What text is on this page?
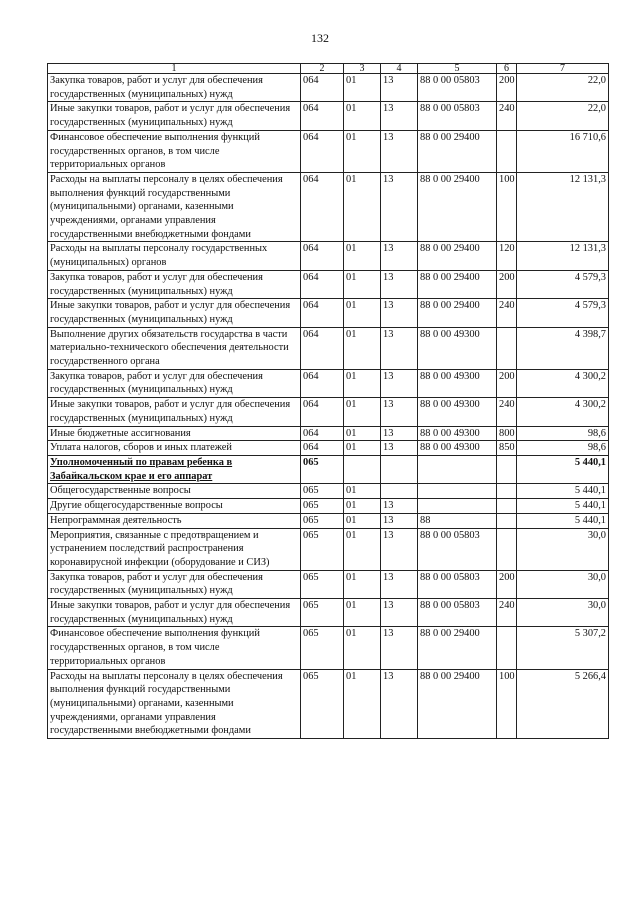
132
1	2	3	4	5	6	7
Закупка товаров, работ и услуг для обеспечения государственных (муниципальных) нужд	064	01	13	88 0 00 05803	200	22,0
Иные закупки товаров, работ и услуг для обеспечения государственных (муниципальных) нужд	064	01	13	88 0 00 05803	240	22,0
Финансовое обеспечение выполнения функций государственных органов, в том числе территориальных органов	064	01	13	88 0 00 29400		16 710,6
Расходы на выплаты персоналу в целях обеспечения выполнения функций государственными (муниципальными) органами, казенными учреждениями, органами управления государственными внебюджетными фондами	064	01	13	88 0 00 29400	100	12 131,3
Расходы на выплаты персоналу государственных (муниципальных) органов	064	01	13	88 0 00 29400	120	12 131,3
Закупка товаров, работ и услуг для обеспечения государственных (муниципальных) нужд	064	01	13	88 0 00 29400	200	4 579,3
Иные закупки товаров, работ и услуг для обеспечения государственных (муниципальных) нужд	064	01	13	88 0 00 29400	240	4 579,3
Выполнение других обязательств государства в части материально-технического обеспечения деятельности государственного органа	064	01	13	88 0 00 49300		4 398,7
Закупка товаров, работ и услуг для обеспечения государственных (муниципальных) нужд	064	01	13	88 0 00 49300	200	4 300,2
Иные закупки товаров, работ и услуг для обеспечения государственных (муниципальных) нужд	064	01	13	88 0 00 49300	240	4 300,2
Иные бюджетные ассигнования	064	01	13	88 0 00 49300	800	98,6
Уплата налогов, сборов и иных платежей	064	01	13	88 0 00 49300	850	98,6
Уполномоченный по правам ребенка в Забайкальском крае и его аппарат	065					5 440,1
Общегосударственные вопросы	065	01				5 440,1
Другие общегосударственные вопросы	065	01	13			5 440,1
Непрограммная деятельность	065	01	13	88		5 440,1
Мероприятия, связанные с предотвращением и устранением последствий распространения коронавирусной инфекции (оборудование и СИЗ)	065	01	13	88 0 00 05803		30,0
Закупка товаров, работ и услуг для обеспечения государственных (муниципальных) нужд	065	01	13	88 0 00 05803	200	30,0
Иные закупки товаров, работ и услуг для обеспечения государственных (муниципальных) нужд	065	01	13	88 0 00 05803	240	30,0
Финансовое обеспечение выполнения функций государственных органов, в том числе территориальных органов	065	01	13	88 0 00 29400		5 307,2
Расходы на выплаты персоналу в целях обеспечения выполнения функций государственными (муниципальными) органами, казенными учреждениями, органами управления государственными внебюджетными фондами	065	01	13	88 0 00 29400	100	5 266,4
